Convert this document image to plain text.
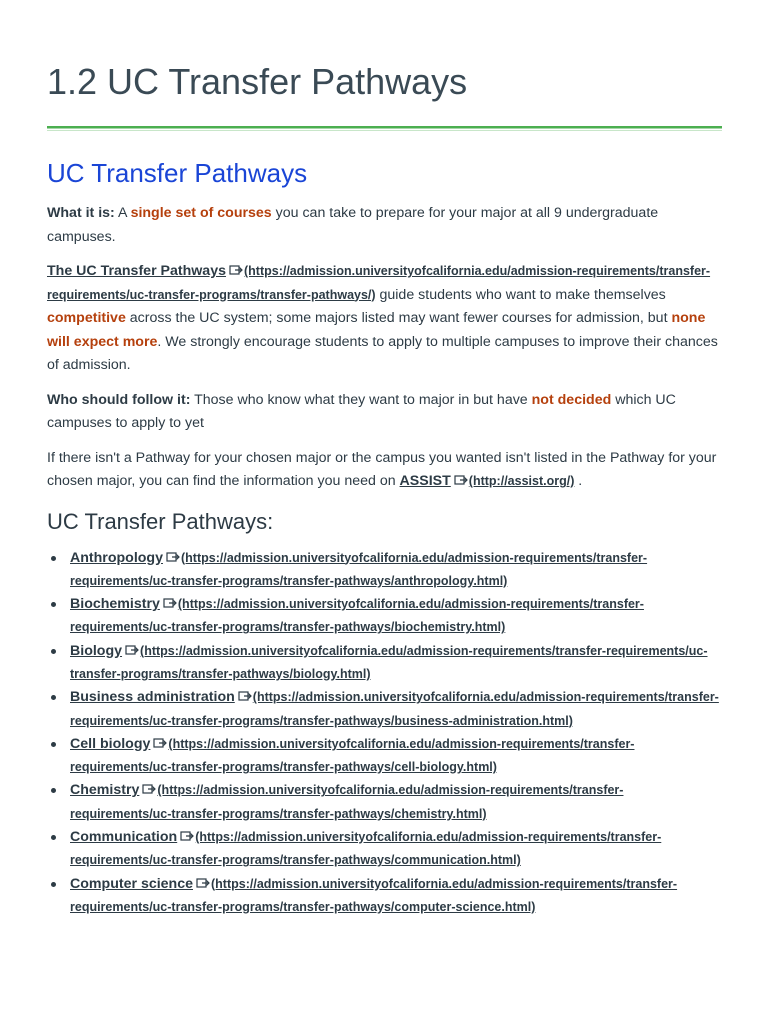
1.2 UC Transfer Pathways
UC Transfer Pathways

What it is: A single set of courses you can take to prepare for your major at all 9 undergraduate campuses.

The UC Transfer Pathways (https://admission.universityofcalifornia.edu/admission-requirements/transfer-requirements/uc-transfer-programs/transfer-pathways/) guide students who want to make themselves competitive across the UC system; some majors listed may want fewer courses for admission, but none will expect more. We strongly encourage students to apply to multiple campuses to improve their chances of admission.

Who should follow it: Those who know what they want to major in but have not decided which UC campuses to apply to yet

If there isn't a Pathway for your chosen major or the campus you wanted isn't listed in the Pathway for your chosen major, you can find the information you need on ASSIST (http://assist.org/) .

UC Transfer Pathways:
Anthropology (https://admission.universityofcalifornia.edu/admission-requirements/transfer-requirements/uc-transfer-programs/transfer-pathways/anthropology.html)
Biochemistry (https://admission.universityofcalifornia.edu/admission-requirements/transfer-requirements/uc-transfer-programs/transfer-pathways/biochemistry.html)
Biology (https://admission.universityofcalifornia.edu/admission-requirements/transfer-requirements/uc-transfer-programs/transfer-pathways/biology.html)
Business administration (https://admission.universityofcalifornia.edu/admission-requirements/transfer-requirements/uc-transfer-programs/transfer-pathways/business-administration.html)
Cell biology (https://admission.universityofcalifornia.edu/admission-requirements/transfer-requirements/uc-transfer-programs/transfer-pathways/cell-biology.html)
Chemistry (https://admission.universityofcalifornia.edu/admission-requirements/transfer-requirements/uc-transfer-programs/transfer-pathways/chemistry.html)
Communication (https://admission.universityofcalifornia.edu/admission-requirements/transfer-requirements/uc-transfer-programs/transfer-pathways/communication.html)
Computer science (https://admission.universityofcalifornia.edu/admission-requirements/transfer-requirements/uc-transfer-programs/transfer-pathways/computer-science.html)
